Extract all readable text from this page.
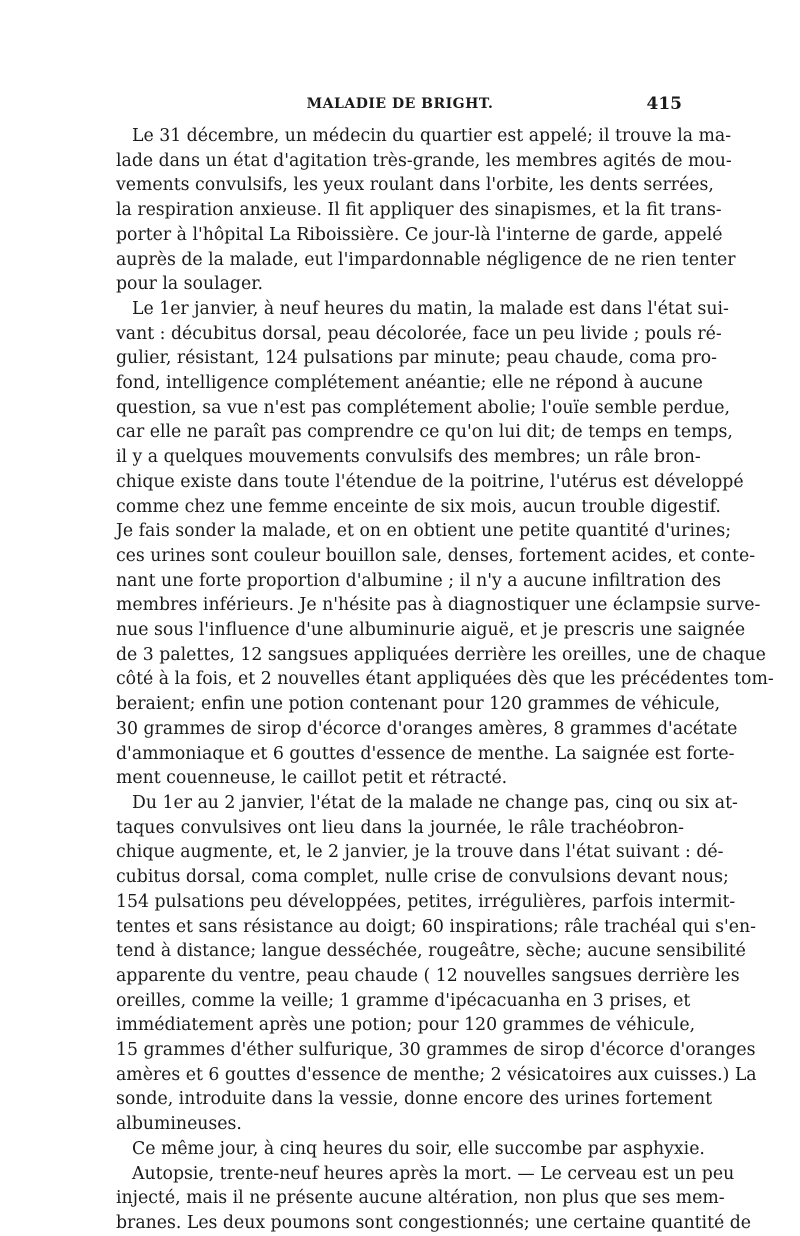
MALADIE DE BRIGHT.	415

Le 31 décembre, un médecin du quartier est appelé; il trouve la ma-
lade dans un état d'agitation très-grande, les membres agités de mou-
vements convulsifs, les yeux roulant dans l'orbite, les dents serrées,
la respiration anxieuse. Il fit appliquer des sinapismes, et la fit trans-
porter à l'hôpital La Riboissière. Ce jour-là l'interne de garde, appelé
auprès de la malade, eut l'impardonnable négligence de ne rien tenter
pour la soulager.

Le 1er janvier, à neuf heures du matin, la malade est dans l'état sui-
vant : décubitus dorsal, peau décolorée, face un peu livide ; pouls ré-
gulier, résistant, 124 pulsations par minute; peau chaude, coma pro-
fond, intelligence complétement anéantie; elle ne répond à aucune
question, sa vue n'est pas complétement abolie; l'ouïe semble perdue,
car elle ne paraît pas comprendre ce qu'on lui dit; de temps en temps,
il y a quelques mouvements convulsifs des membres; un râle bron-
chique existe dans toute l'étendue de la poitrine, l'utérus est développé
comme chez une femme enceinte de six mois, aucun trouble digestif.
Je fais sonder la malade, et on en obtient une petite quantité d'urines;
ces urines sont couleur bouillon sale, denses, fortement acides, et conte-
nant une forte proportion d'albumine ; il n'y a aucune infiltration des
membres inférieurs. Je n'hésite pas à diagnostiquer une éclampsie surve-
nue sous l'influence d'une albuminurie aiguë, et je prescris une saignée
de 3 palettes, 12 sangsues appliquées derrière les oreilles, une de chaque
côté à la fois, et 2 nouvelles étant appliquées dès que les précédentes tom-
beraient; enfin une potion contenant pour 120 grammes de véhicule,
30 grammes de sirop d'écorce d'oranges amères, 8 grammes d'acétate
d'ammoniaque et 6 gouttes d'essence de menthe. La saignée est forte-
ment couenneuse, le caillot petit et rétracté.

Du 1er au 2 janvier, l'état de la malade ne change pas, cinq ou six at-
taques convulsives ont lieu dans la journée, le râle trachéobron-
chique augmente, et, le 2 janvier, je la trouve dans l'état suivant : dé-
cubitus dorsal, coma complet, nulle crise de convulsions devant nous;
154 pulsations peu développées, petites, irrégulières, parfois intermit-
tentes et sans résistance au doigt; 60 inspirations; râle trachéal qui s'en-
tend à distance; langue desséchée, rougeâtre, sèche; aucune sensibilité
apparente du ventre, peau chaude ( 12 nouvelles sangsues derrière les
oreilles, comme la veille; 1 gramme d'ipécacuanha en 3 prises, et
immédiatement après une potion; pour 120 grammes de véhicule,
15 grammes d'éther sulfurique, 30 grammes de sirop d'écorce d'oranges
amères et 6 gouttes d'essence de menthe; 2 vésicatoires aux cuisses.) La
sonde, introduite dans la vessie, donne encore des urines fortement
albumineuses.

Ce même jour, à cinq heures du soir, elle succombe par asphyxie.

Autopsie, trente-neuf heures après la mort. — Le cerveau est un peu
injecté, mais il ne présente aucune altération, non plus que ses mem-
branes. Les deux poumons sont congestionnés; une certaine quantité de
